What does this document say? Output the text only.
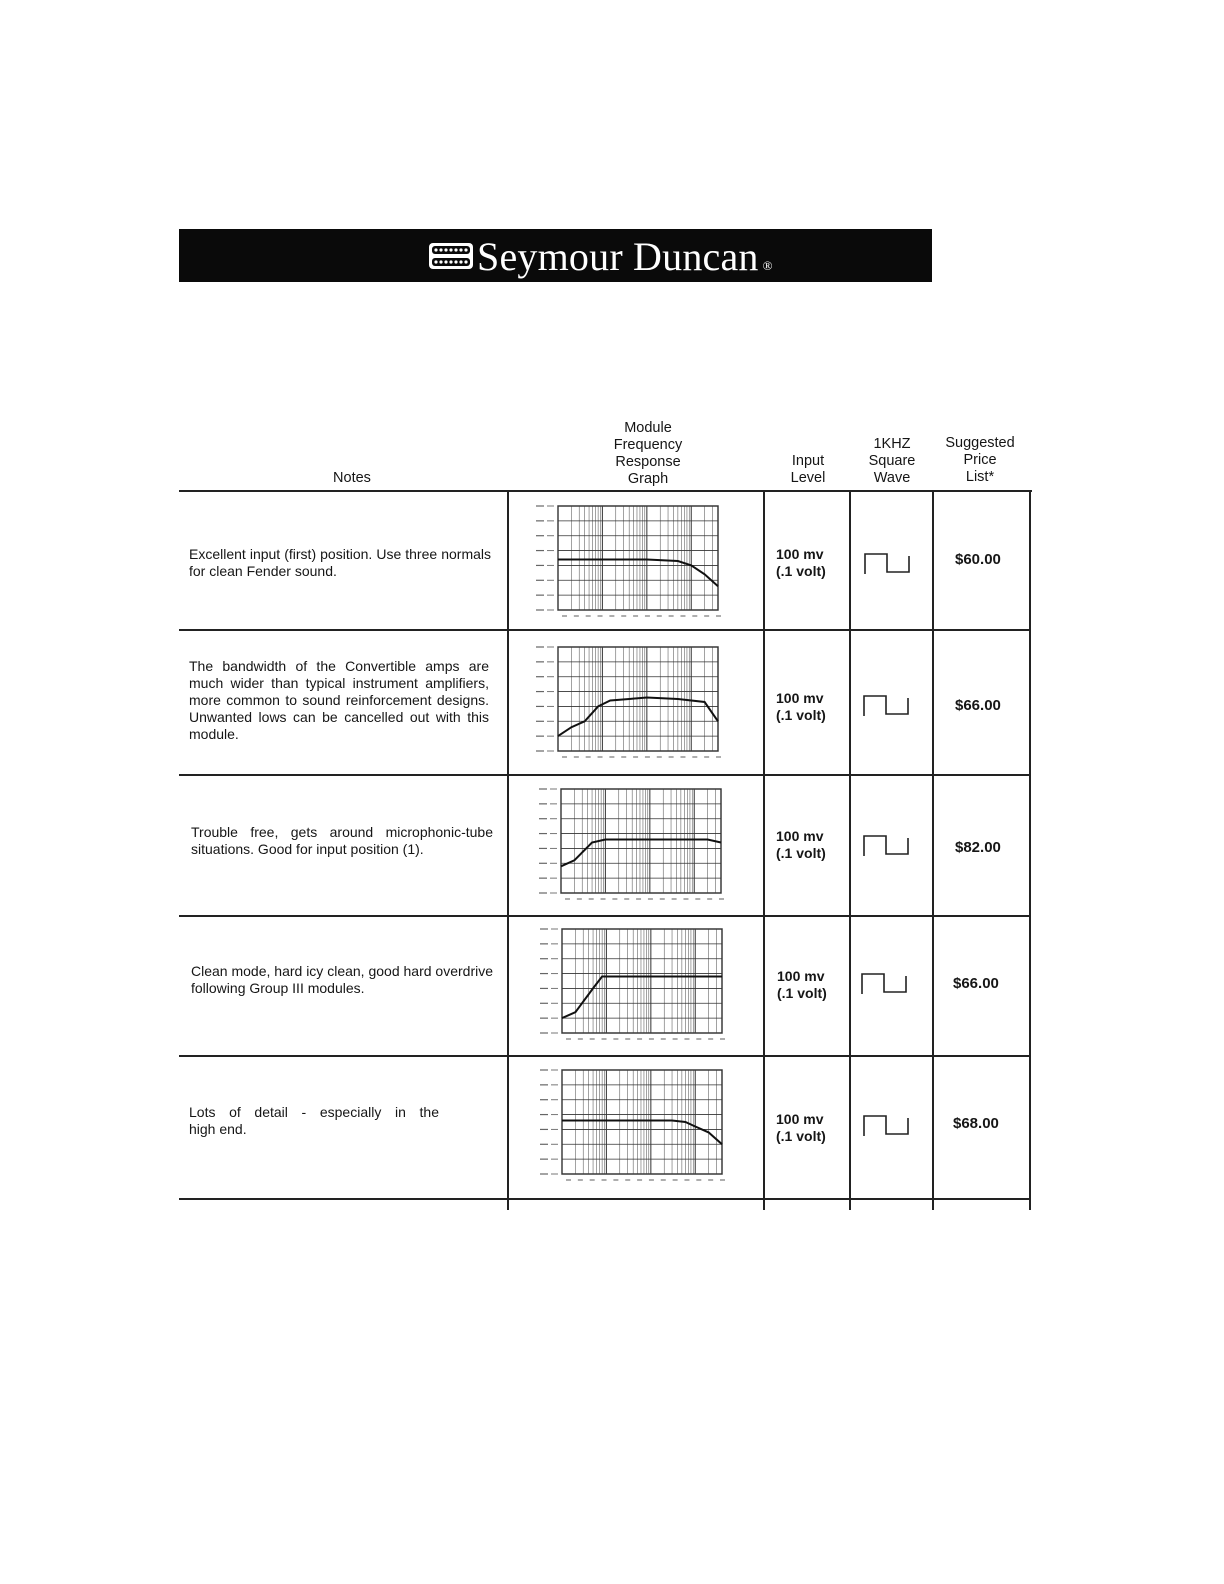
Seymour Duncan ®
Notes
Module
Frequency
Response
Graph
Input
Level
1KHZ
Square
Wave
Suggested
Price
List*
Excellent input (first) position. Use three normals for clean Fender sound.
100 mv
(.1 volt)
$60.00
The bandwidth of the Convertible amps are much wider than typical instrument amplifiers, more common to sound reinforcement designs. Unwanted lows can be cancelled out with this module.
100 mv
(.1 volt)
$66.00
Trouble free, gets around microphonic-tube situations. Good for input position (1).
100 mv
(.1 volt)	$82.00
Clean mode, hard icy clean, good hard overdrive following Group III modules.
100 mv
(.1 volt)
$66.00
Lots of detail - especially in the
high end.
100 mv
(.1 volt)
$68.00
